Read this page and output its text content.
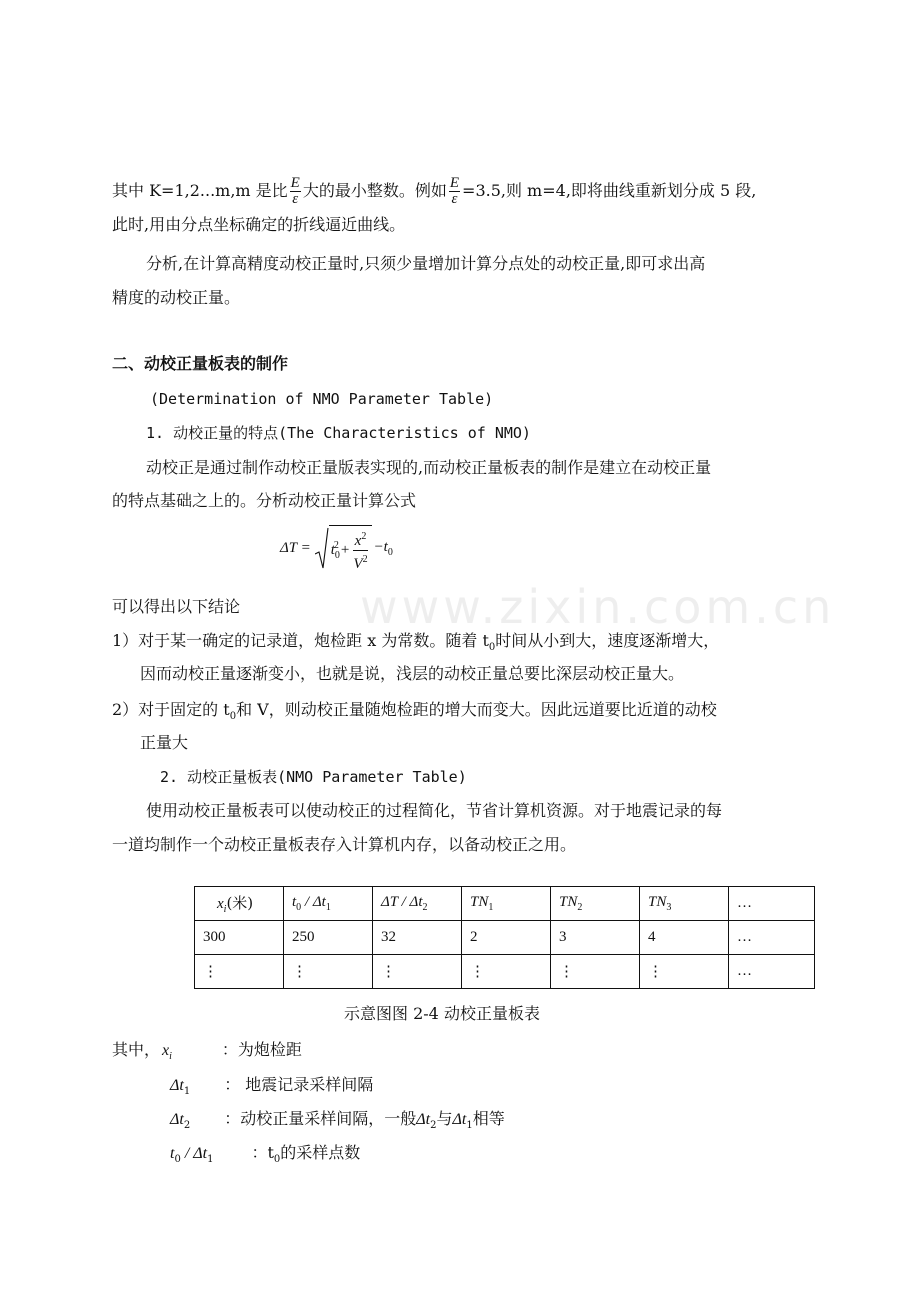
www.zixin.com.cn
其中 K=1,2...m,m 是比 $\frac{E}{\varepsilon}$ 大的最小整数。例如 $\frac{E}{\varepsilon} =3.5$,则 m=4,即将曲线重新划分成 5 段,
此时,用由分点坐标确定的折线逼近曲线。
分析,在计算高精度动校正量时,只须少量增加计算分点处的动校正量,即可求出高
精度的动校正量。
二、动校正量板表的制作
(Determination of NMO Parameter Table)
1. 动校正量的特点(The Characteristics of NMO)
动校正是通过制作动校正量版表实现的,而动校正量板表的制作是建立在动校正量
的特点基础之上的。分析动校正量计算公式
$\Delta T = t_0^2 + \frac{x^2}{V^2} -t_0$
可以得出以下结论
1）对于某一确定的记录道，炮检距 x 为常数。随着 $t_0$时间从小到大，速度逐渐增大，
因而动校正量逐渐变小，也就是说，浅层的动校正量总要比深层动校正量大。
2）对于固定的 $t_0$和 V，则动校正量随炮检距的增大而变大。因此远道要比近道的动校
正量大
2. 动校正量板表(NMO Parameter Table)
使用动校正量板表可以使动校正的过程简化，节省计算机资源。对于地震记录的每
一道均制作一个动校正量板表存入计算机内存，以备动校正之用。
$x_i$(米)	$t_0 / \Delta t_1$	ΔT / $\Delta t_2$	$TN_1$	$TN_2$	$TN_3$	…
300	250	32	2	3	4	…
⋮	⋮	⋮	⋮	⋮	⋮	…
示意图图 2-4 动校正量板表
其中， $x_i$	：为炮检距
$\Delta t_1$ ： 地震记录采样间隔
$\Delta t_2$ ：动校正量采样间隔，一般$\Delta t_2$与$\Delta t_1$相等
$t_0 / \Delta t_1$ ：$t_0$的采样点数
